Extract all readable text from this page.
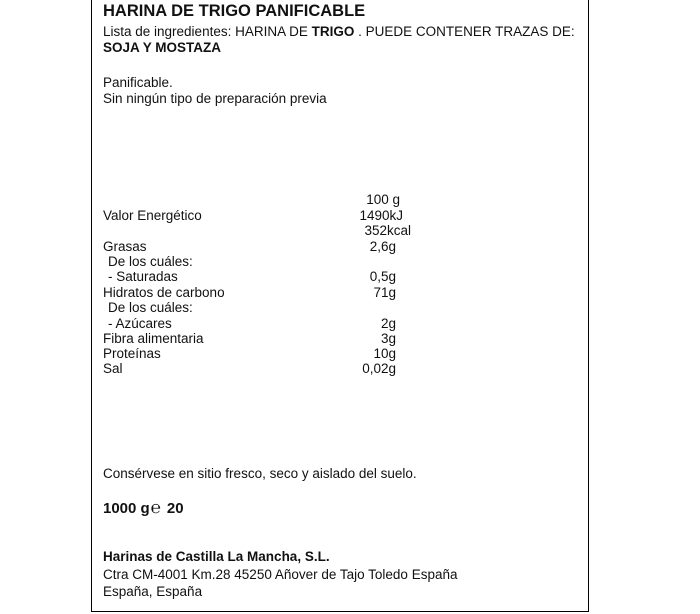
HARINA DE TRIGO PANIFICABLE
Lista de ingredientes: HARINA DE TRIGO . PUEDE CONTENER TRAZAS DE:
SOJA Y MOSTAZA
Panificable.
Sin ningún tipo de preparación previa
100 g
Valor Energético	1490kJ
352kcal
Grasas	2,6g
De los cuáles:
- Saturadas	0,5g
Hidratos de carbono	71g
De los cuáles:
- Azúcares	2g
Fibra alimentaria	3g
Proteínas	10g
Sal	0,02g
Consérvese en sitio fresco, seco y aislado del suelo.
1000 g℮ 20
Harinas de Castilla La Mancha, S.L.
Ctra CM-4001 Km.28 45250 Añover de Tajo Toledo España
España, España
